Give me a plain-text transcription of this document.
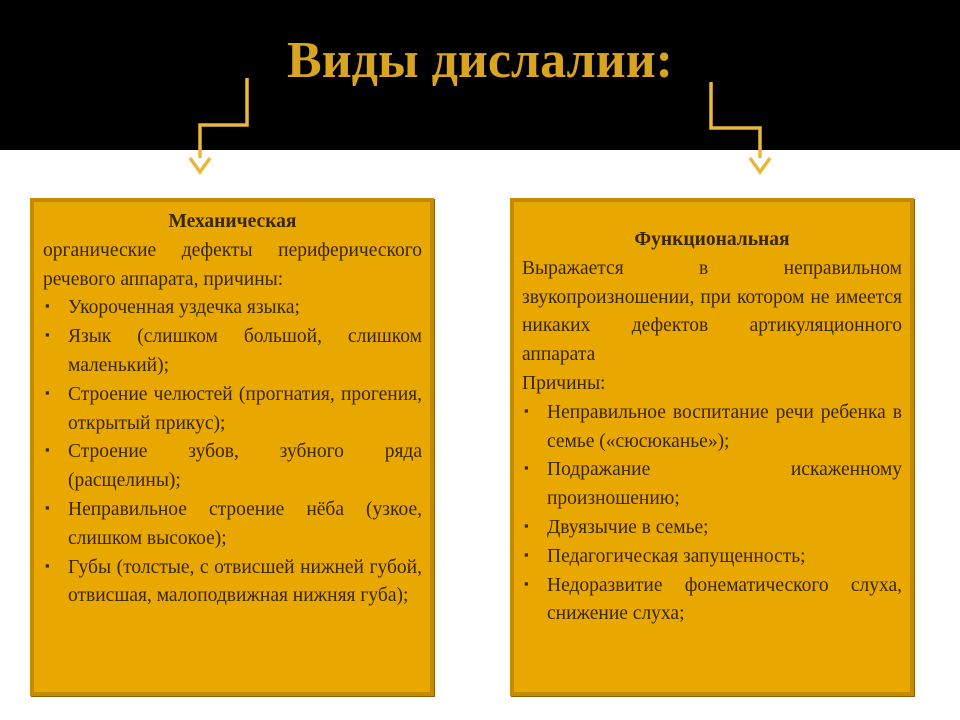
Виды дислалии:
Механическая

органические дефекты периферического речевого аппарата, причины:

▪ Укороченная уздечка языка;
▪ Язык (слишком большой, слишком маленький);
▪ Строение челюстей (прогнатия, прогения, открытый прикус);
▪ Строение зубов, зубного ряда (расщелины);
▪ Неправильное строение нёба (узкое, слишком высокое);
▪ Губы (толстые, с отвисшей нижней губой, отвисшая, малоподвижная нижняя губа);
Функциональная

Выражается в неправильном звукопроизношении, при котором не имеется никаких дефектов артикуляционного аппарата

Причины:

▪ Неправильное воспитание речи ребенка в семье («сюсюканье»);
▪ Подражание искаженному произношению;
▪ Двуязычие в семье;
▪ Педагогическая запущенность;
▪ Недоразвитие фонематического слуха, снижение слуха;
